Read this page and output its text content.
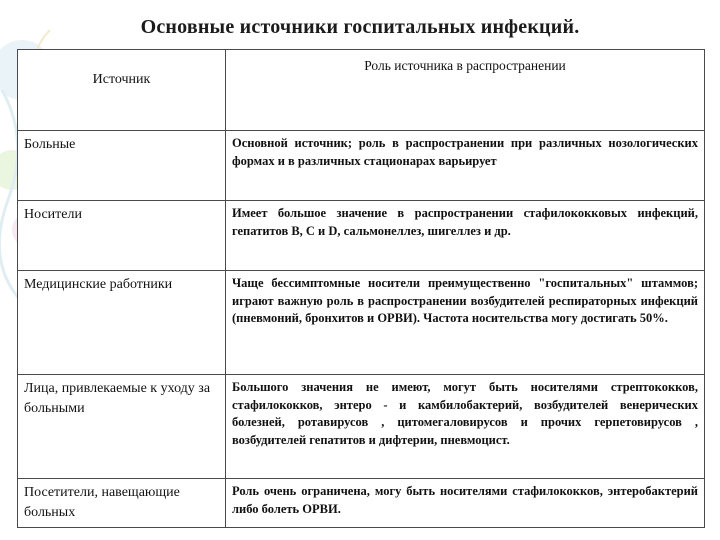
Основные источники госпитальных инфекций.
Источник	Роль источника в распространении
Больные	Основной источник; роль в распространении при различных нозологических формах и в различных стационарах варьирует
Носители	Имеет большое значение в распространении стафилококковых инфекций, гепатитов В, С и D, сальмонеллез, шигеллез и др.
Медицинские работники	Чаще бессимптомные носители преимущественно "госпитальных" штаммов; играют важную роль в распространении возбудителей респираторных инфекций (пневмоний, бронхитов и ОРВИ). Частота носительства могу достигать 50%.
Лица, привлекаемые к уходу за больными	Большого значения не имеют, могут быть носителями стрептококков, стафилококков, энтеро - и камбилобактерий, возбудителей венерических болезней, ротавирусов , цитомегаловирусов и прочих герпетовирусов , возбудителей гепатитов и дифтерии, пневмоцист.
Посетители, навещающие больных	Роль очень ограничена, могу быть носителями стафилококков, энтеробактерий либо болеть ОРВИ.
